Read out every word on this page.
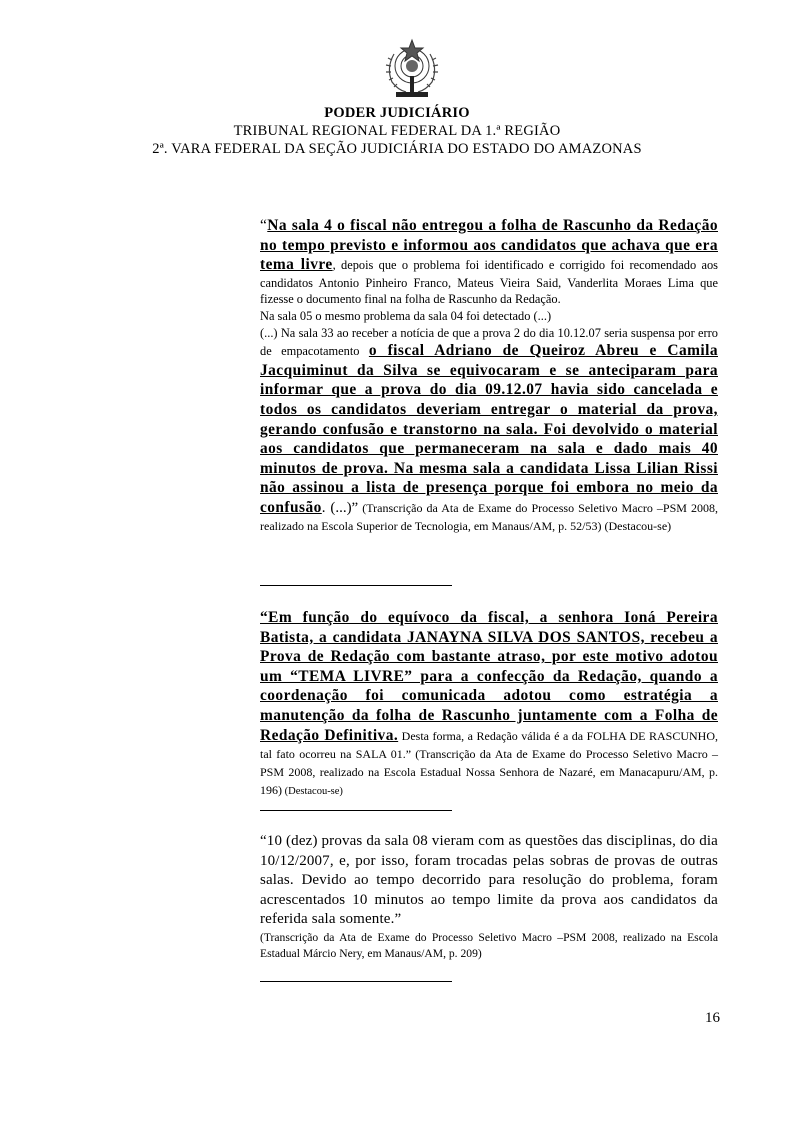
PODER JUDICIÁRIO
TRIBUNAL REGIONAL FEDERAL DA 1.ª REGIÃO
2ª. VARA FEDERAL DA SEÇÃO JUDICIÁRIA DO ESTADO DO AMAZONAS

“Na sala 4 o fiscal não entregou a folha de Rascunho da Redação no tempo previsto e informou aos candidatos que achava que era tema livre, depois que o problema foi identificado e corrigido foi recomendado aos candidatos Antonio Pinheiro Franco, Mateus Vieira Said, Vanderlita Moraes Lima que fizesse o documento final na folha de Rascunho da Redação.

Na sala 05 o mesmo problema da sala 04 foi detectado (...)

(...) Na sala 33 ao receber a notícia de que a prova 2 do dia 10.12.07 seria suspensa por erro de empacotamento o fiscal Adriano de Queiroz Abreu e Camila Jacquiminut da Silva se equivocaram e se anteciparam para informar que a prova do dia 09.12.07 havia sido cancelada e todos os candidatos deveriam entregar o material da prova, gerando confusão e transtorno na sala. Foi devolvido o material aos candidatos que permaneceram na sala e dado mais 40 minutos de prova. Na mesma sala a candidata Lissa Lilian Rissi não assinou a lista de presença porque foi embora no meio da confusão. (...)” (Transcrição da Ata de Exame do Processo Seletivo Macro –PSM 2008, realizado na Escola Superior de Tecnologia, em Manaus/AM, p. 52/53) (Destacou-se)

“Em função do equívoco da fiscal, a senhora Ioná Pereira Batista, a candidata JANAYNA SILVA DOS SANTOS, recebeu a Prova de Redação com bastante atraso, por este motivo adotou um “TEMA LIVRE” para a confecção da Redação, quando a coordenação foi comunicada adotou como estratégia a manutenção da folha de Rascunho juntamente com a Folha de Redação Definitiva. Desta forma, a Redação válida é a da FOLHA DE RASCUNHO, tal fato ocorreu na SALA 01.” (Transcrição da Ata de Exame do Processo Seletivo Macro –PSM 2008, realizado na Escola Estadual Nossa Senhora de Nazaré, em Manacapuru/AM, p. 196) (Destacou-se)

“10 (dez) provas da sala 08 vieram com as questões das disciplinas, do dia 10/12/2007, e, por isso, foram trocadas pelas sobras de provas de outras salas. Devido ao tempo decorrido para resolução do problema, foram acrescentados 10 minutos ao tempo limite da prova aos candidatos da referida sala somente.”

(Transcrição da Ata de Exame do Processo Seletivo Macro –PSM 2008, realizado na Escola Estadual Márcio Nery, em Manaus/AM, p. 209)

16
